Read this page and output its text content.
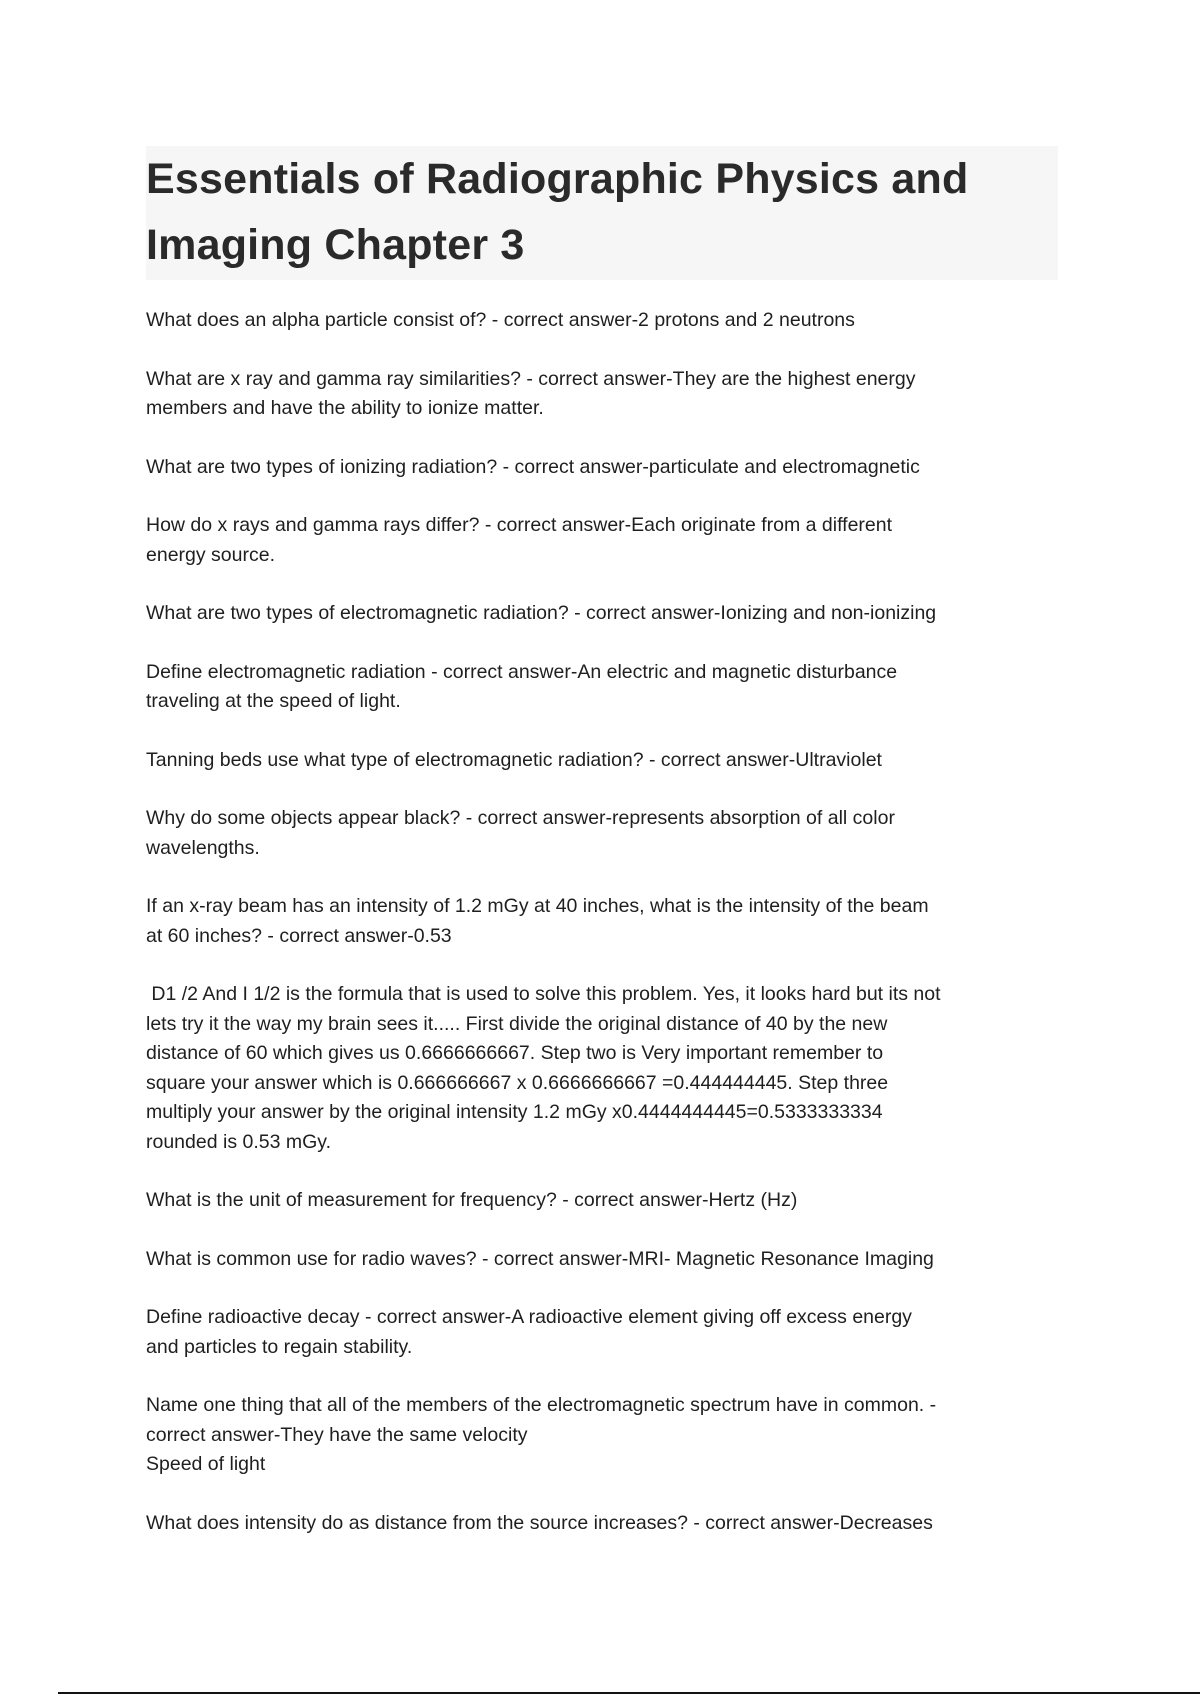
Essentials of Radiographic Physics and Imaging Chapter 3
What does an alpha particle consist of? - correct answer-2 protons and 2 neutrons
What are x ray and gamma ray similarities? - correct answer-They are the highest energy
members and have the ability to ionize matter.
What are two types of ionizing radiation? - correct answer-particulate and electromagnetic
How do x rays and gamma rays differ? - correct answer-Each originate from a different
energy source.
What are two types of electromagnetic radiation? - correct answer-Ionizing and non-ionizing
Define electromagnetic radiation - correct answer-An electric and magnetic disturbance
traveling at the speed of light.
Tanning beds use what type of electromagnetic radiation? - correct answer-Ultraviolet
Why do some objects appear black? - correct answer-represents absorption of all color
wavelengths.
If an x-ray beam has an intensity of 1.2 mGy at 40 inches, what is the intensity of the beam
at 60 inches? - correct answer-0.53
D1 /2 And I 1/2 is the formula that is used to solve this problem. Yes, it looks hard but its not
lets try it the way my brain sees it..... First divide the original distance of 40 by the new
distance of 60 which gives us 0.6666666667. Step two is Very important remember to
square your answer which is 0.666666667 x 0.6666666667 =0.444444445. Step three
multiply your answer by the original intensity 1.2 mGy x0.4444444445=0.5333333334
rounded is 0.53 mGy.
What is the unit of measurement for frequency? - correct answer-Hertz (Hz)
What is common use for radio waves? - correct answer-MRI- Magnetic Resonance Imaging
Define radioactive decay - correct answer-A radioactive element giving off excess energy
and particles to regain stability.
Name one thing that all of the members of the electromagnetic spectrum have in common. -
correct answer-They have the same velocity
Speed of light
What does intensity do as distance from the source increases? - correct answer-Decreases
